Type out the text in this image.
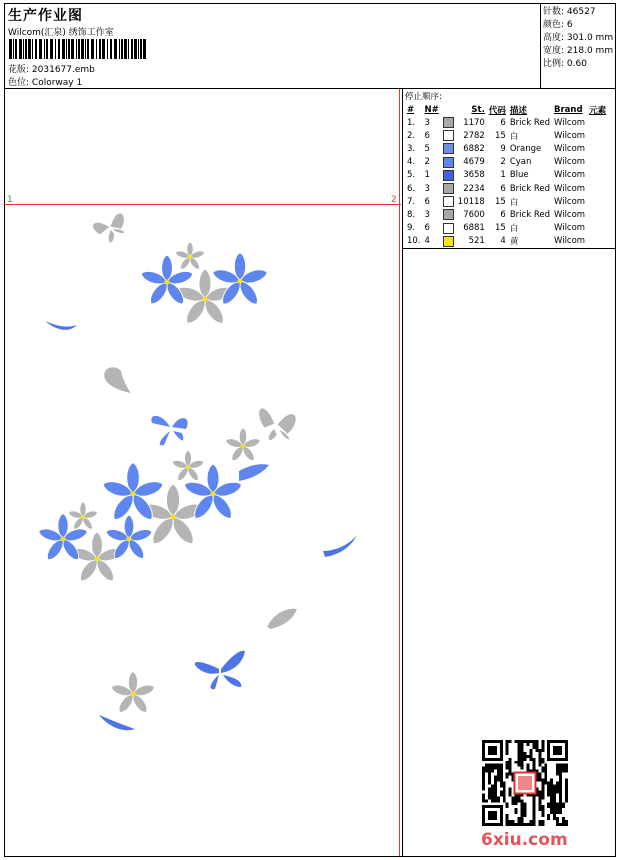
生产作业图
Wilcom(汇泉) 绣饰工作室
花版: 2031677.emb
色位: Colorway 1
针数: 46527
颜色: 6
高度: 301.0 mm
宽度: 218.0 mm
比例: 0.60
1	2
停止顺序:
#	N#		St.	代码	描述	Brand	元素
1.	3		1170	6	Brick Red	Wilcom	
2.	6		2782	15	白	Wilcom	
3.	5		6882	9	Orange	Wilcom	
4.	2		4679	2	Cyan	Wilcom	
5.	1		3658	1	Blue	Wilcom	
6.	3		2234	6	Brick Red	Wilcom	
7.	6		10118	15	白	Wilcom	
8.	3		7600	6	Brick Red	Wilcom	
9.	6		6881	15	白	Wilcom	
10.	4		521	4	黄	Wilcom	
6xiu.com
